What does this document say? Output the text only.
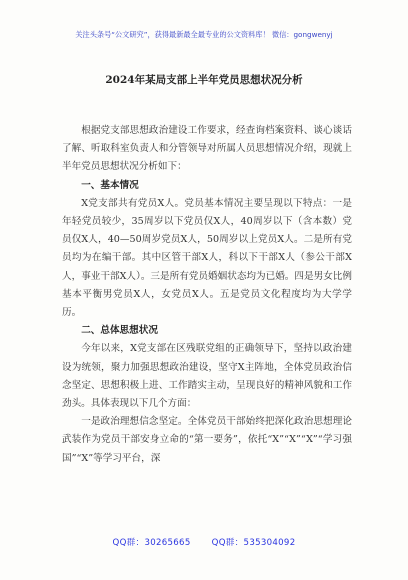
关注头条号“公文研究”，获得最新最全最专业的公文资料库！ 微信：gongwenyj
2024年某局支部上半年党员思想状况分析

根据党支部思想政治建设工作要求，经查询档案资料、谈心谈话了解、听取科室负责人和分管领导对所属人员思想情况介绍，现就上半年党员思想状况分析如下：

一、基本情况

X党支部共有党员X人。党员基本情况主要呈现以下特点：一是年轻党员较少，35周岁以下党员仅X人，40周岁以下（含本数）党员仅X人，40—50周岁党员X人，50周岁以上党员X人。二是所有党员均为在编干部。其中区管干部X人，科以下干部X人（参公干部X人，事业干部X人）。三是所有党员婚姻状态均为已婚。四是男女比例基本平衡男党员X人，女党员X人。五是党员文化程度均为大学学历。

二、总体思想状况

今年以来，X党支部在区残联党组的正确领导下，坚持以政治建设为统领，聚力加强思想政治建设，坚守X主阵地，全体党员政治信念坚定、思想积极上进、工作踏实主动，呈现良好的精神风貌和工作劲头。具体表现以下几个方面：

一是政治理想信念坚定。全体党员干部始终把深化政治思想理论武装作为党员干部安身立命的“第一要务”，依托“X”“X”“X”“学习强国”“X”等学习平台，深

QQ群：30265665 QQ群：535304092
